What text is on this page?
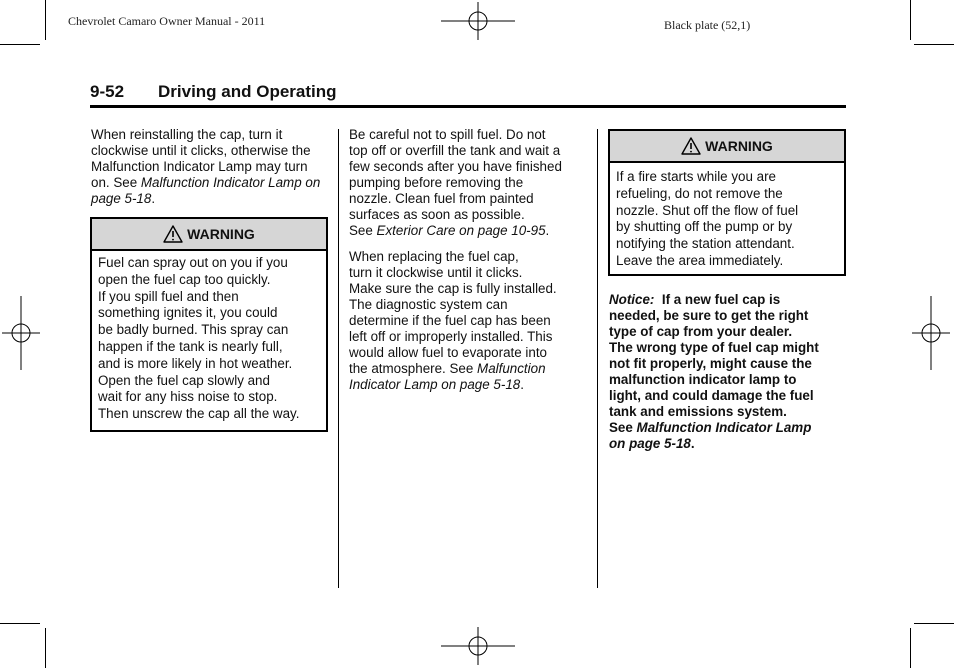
Chevrolet Camaro Owner Manual - 2011	Black plate (52,1)
9-52 Driving and Operating

When reinstalling the cap, turn it clockwise until it clicks, otherwise the Malfunction Indicator Lamp may turn on. See Malfunction Indicator Lamp on page 5-18.

WARNING

Fuel can spray out on you if you

open the fuel cap too quickly.

If you spill fuel and then

something ignites it, you could

be badly burned. This spray can

happen if the tank is nearly full,

and is more likely in hot weather.

Open the fuel cap slowly and

wait for any hiss noise to stop.

Then unscrew the cap all the way.

Be careful not to spill fuel. Do not

top off or overfill the tank and wait a

few seconds after you have finished

pumping before removing the

nozzle. Clean fuel from painted

surfaces as soon as possible.

See Exterior Care on page 10-95.

When replacing the fuel cap,

turn it clockwise until it clicks.

Make sure the cap is fully installed.

The diagnostic system can

determine if the fuel cap has been

left off or improperly installed. This

would allow fuel to evaporate into

the atmosphere. See Malfunction

Indicator Lamp on page 5-18.

WARNING

If a fire starts while you are

refueling, do not remove the

nozzle. Shut off the flow of fuel

by shutting off the pump or by

notifying the station attendant.

Leave the area immediately.

Notice: If a new fuel cap is

needed, be sure to get the right

type of cap from your dealer.

The wrong type of fuel cap might

not fit properly, might cause the

malfunction indicator lamp to

light, and could damage the fuel

tank and emissions system.

See Malfunction Indicator Lamp

on page 5-18.
